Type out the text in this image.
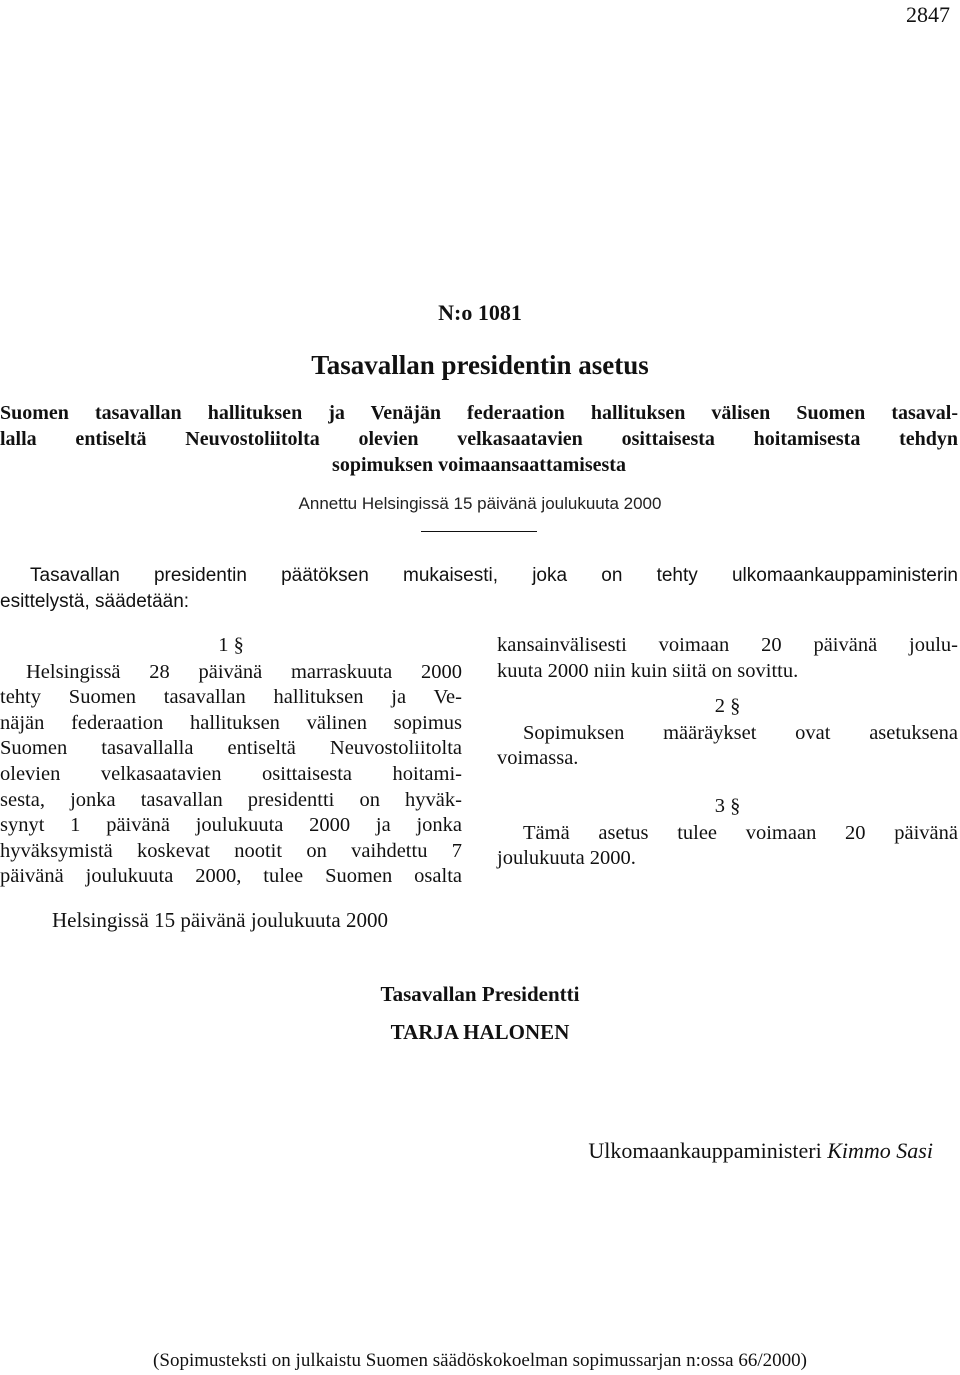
2847
N:o 1081
Tasavallan presidentin asetus
Suomen tasavallan hallituksen ja Venäjän federaation hallituksen välisen Suomen tasaval-
lalla entiseltä Neuvostoliitolta olevien velkasaatavien osittaisesta hoitamisesta tehdyn
sopimuksen voimaansaattamisesta
Annettu Helsingissä 15 päivänä joulukuuta 2000
Tasavallan presidentin päätöksen mukaisesti, joka on tehty ulkomaankauppaministerin
esittelystä, säädetään:
1 §
Helsingissä 28 päivänä marraskuuta 2000
tehty Suomen tasavallan hallituksen ja Ve-
näjän federaation hallituksen välinen sopimus
Suomen tasavallalla entiseltä Neuvostoliitolta
olevien velkasaatavien osittaisesta hoitami-
sesta, jonka tasavallan presidentti on hyväk-
synyt 1 päivänä joulukuuta 2000 ja jonka
hyväksymistä koskevat nootit on vaihdettu 7
päivänä joulukuuta 2000, tulee Suomen osalta
kansainvälisesti voimaan 20 päivänä joulu-
kuuta 2000 niin kuin siitä on sovittu.
2 §
Sopimuksen määräykset ovat asetuksena
voimassa.
3 §
Tämä asetus tulee voimaan 20 päivänä
joulukuuta 2000.
Helsingissä 15 päivänä joulukuuta 2000
Tasavallan Presidentti
TARJA HALONEN
Ulkomaankauppaministeri Kimmo Sasi
(Sopimusteksti on julkaistu Suomen säädöskokoelman sopimussarjan n:ossa 66/2000)
